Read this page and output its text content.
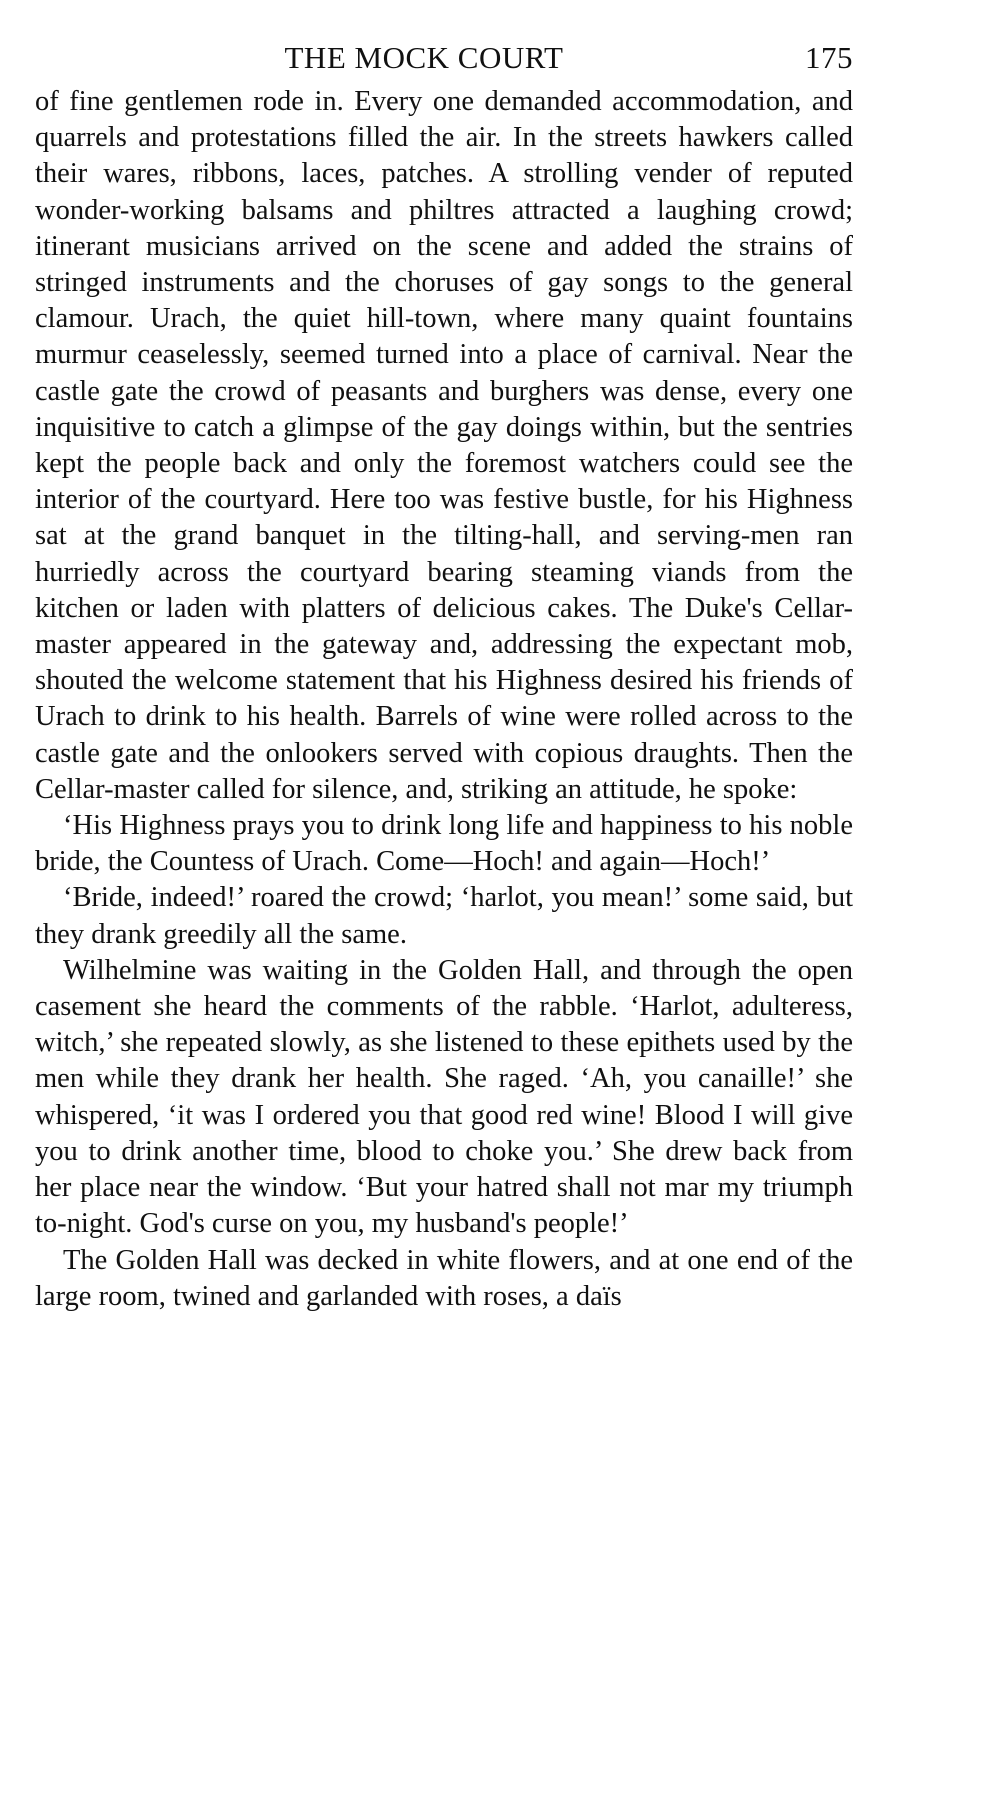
THE MOCK COURT	175

of fine gentlemen rode in. Every one demanded accommodation, and quarrels and protestations filled the air. In the streets hawkers called their wares, ribbons, laces, patches. A strolling vender of reputed wonder-working balsams and philtres attracted a laughing crowd; itinerant musicians arrived on the scene and added the strains of stringed instruments and the choruses of gay songs to the general clamour. Urach, the quiet hill-town, where many quaint fountains murmur ceaselessly, seemed turned into a place of carnival. Near the castle gate the crowd of peasants and burghers was dense, every one inquisitive to catch a glimpse of the gay doings within, but the sentries kept the people back and only the foremost watchers could see the interior of the courtyard. Here too was festive bustle, for his Highness sat at the grand banquet in the tilting-hall, and serving-men ran hurriedly across the courtyard bearing steaming viands from the kitchen or laden with platters of delicious cakes. The Duke's Cellar-master appeared in the gateway and, addressing the expectant mob, shouted the welcome statement that his Highness desired his friends of Urach to drink to his health. Barrels of wine were rolled across to the castle gate and the onlookers served with copious draughts. Then the Cellar-master called for silence, and, striking an attitude, he spoke:

‘His Highness prays you to drink long life and happiness to his noble bride, the Countess of Urach. Come—Hoch! and again—Hoch!’

‘Bride, indeed!’ roared the crowd; ‘harlot, you mean!’ some said, but they drank greedily all the same.

Wilhelmine was waiting in the Golden Hall, and through the open casement she heard the comments of the rabble. ‘Harlot, adulteress, witch,’ she repeated slowly, as she listened to these epithets used by the men while they drank her health. She raged. ‘Ah, you canaille!’ she whispered, ‘it was I ordered you that good red wine! Blood I will give you to drink another time, blood to choke you.’ She drew back from her place near the window. ‘But your hatred shall not mar my triumph to-night. God's curse on you, my husband's people!’

The Golden Hall was decked in white flowers, and at one end of the large room, twined and garlanded with roses, a daïs
